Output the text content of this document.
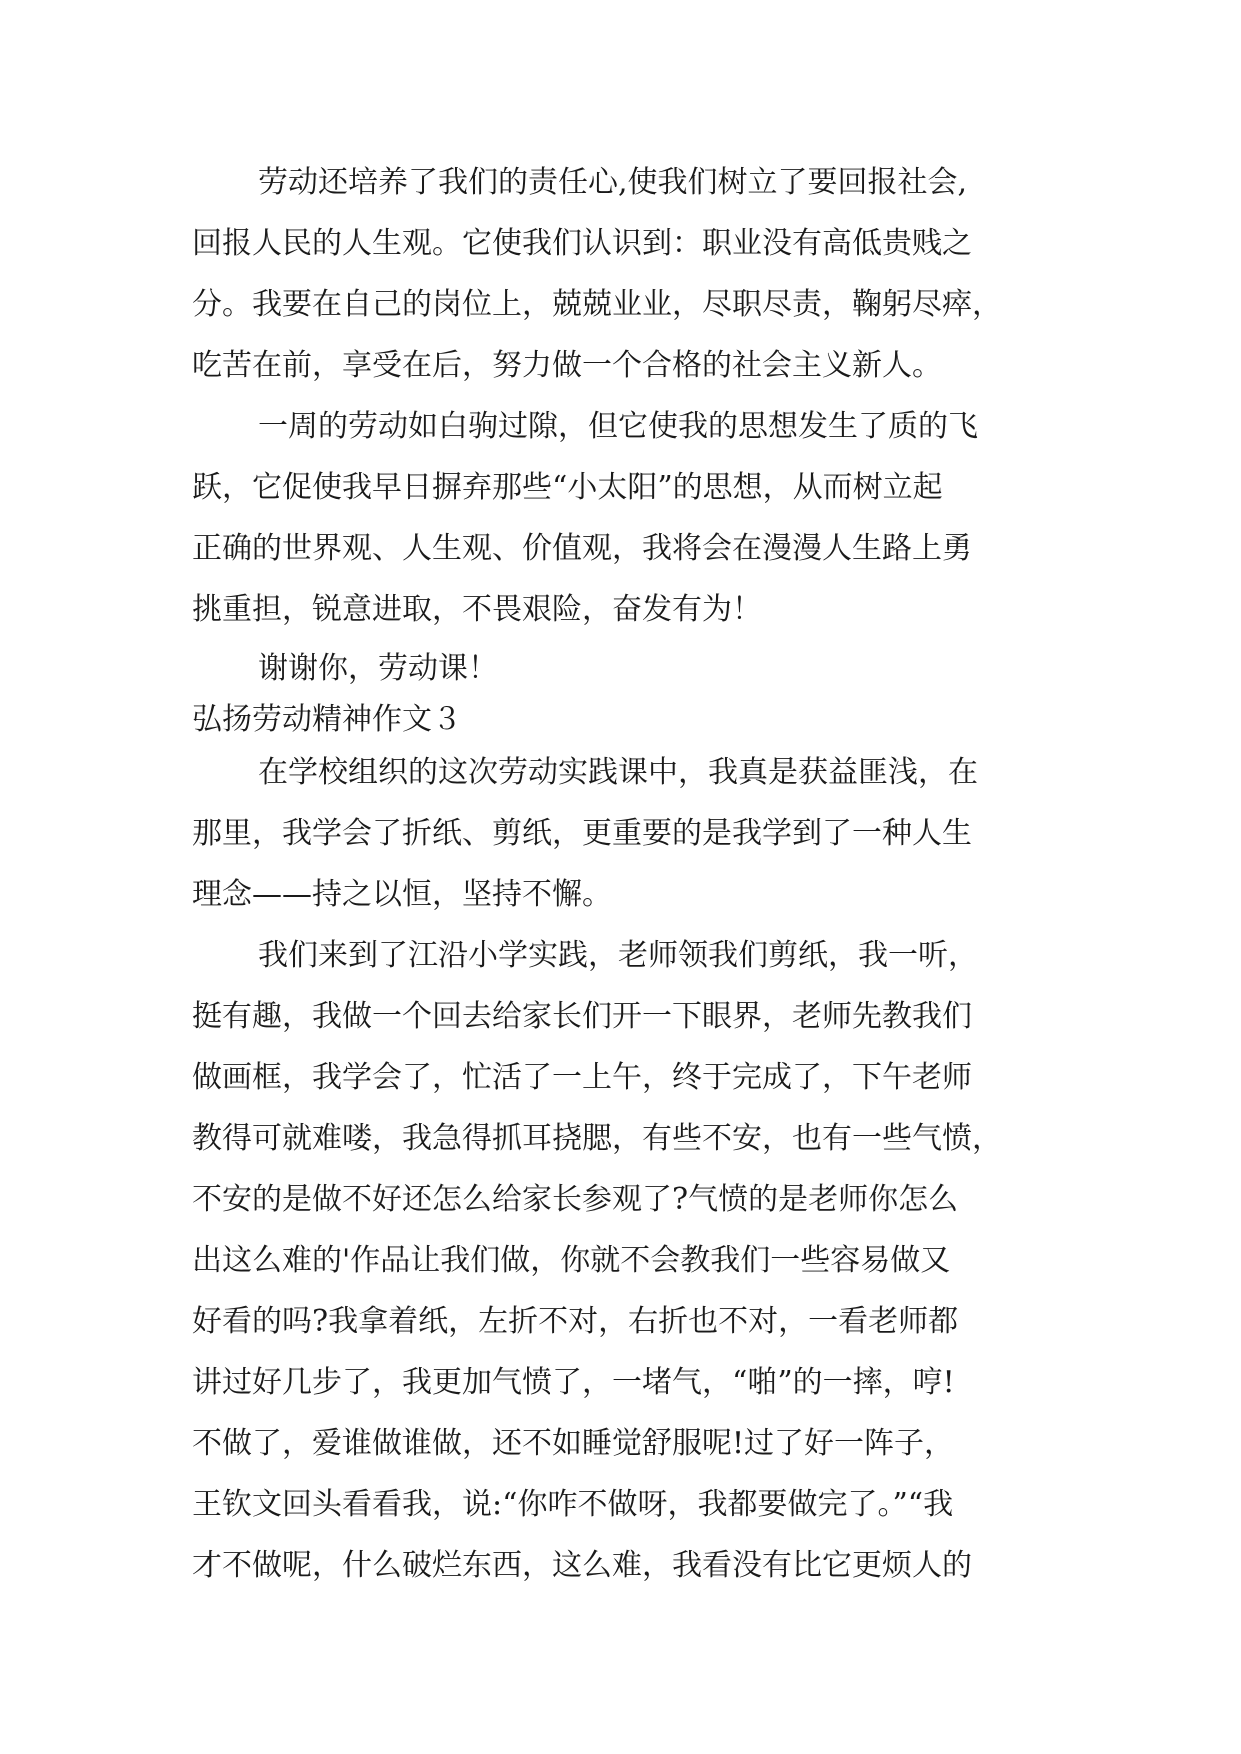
劳动还培养了我们的责任心,使我们树立了要回报社会,
回报人民的人生观。它使我们认识到：职业没有高低贵贱之
分。我要在自己的岗位上，兢兢业业，尽职尽责，鞠躬尽瘁，
吃苦在前，享受在后，努力做一个合格的社会主义新人。
一周的劳动如白驹过隙，但它使我的思想发生了质的飞
跃，它促使我早日摒弃那些“小太阳”的思想，从而树立起
正确的世界观、人生观、价值观，我将会在漫漫人生路上勇
挑重担，锐意进取，不畏艰险，奋发有为！
谢谢你，劳动课！
弘扬劳动精神作文３
在学校组织的这次劳动实践课中，我真是获益匪浅，在
那里，我学会了折纸、剪纸，更重要的是我学到了一种人生
理念——持之以恒，坚持不懈。
我们来到了江沿小学实践，老师领我们剪纸，我一听，
挺有趣，我做一个回去给家长们开一下眼界，老师先教我们
做画框，我学会了，忙活了一上午，终于完成了，下午老师
教得可就难喽，我急得抓耳挠腮，有些不安，也有一些气愤，
不安的是做不好还怎么给家长参观了?气愤的是老师你怎么
出这么难的'作品让我们做，你就不会教我们一些容易做又
好看的吗?我拿着纸，左折不对，右折也不对，一看老师都
讲过好几步了，我更加气愤了，一堵气，“啪”的一摔，哼!
不做了，爱谁做谁做，还不如睡觉舒服呢!过了好一阵子，
王钦文回头看看我，说:“你咋不做呀，我都要做完了。”“我
才不做呢，什么破烂东西，这么难，我看没有比它更烦人的
